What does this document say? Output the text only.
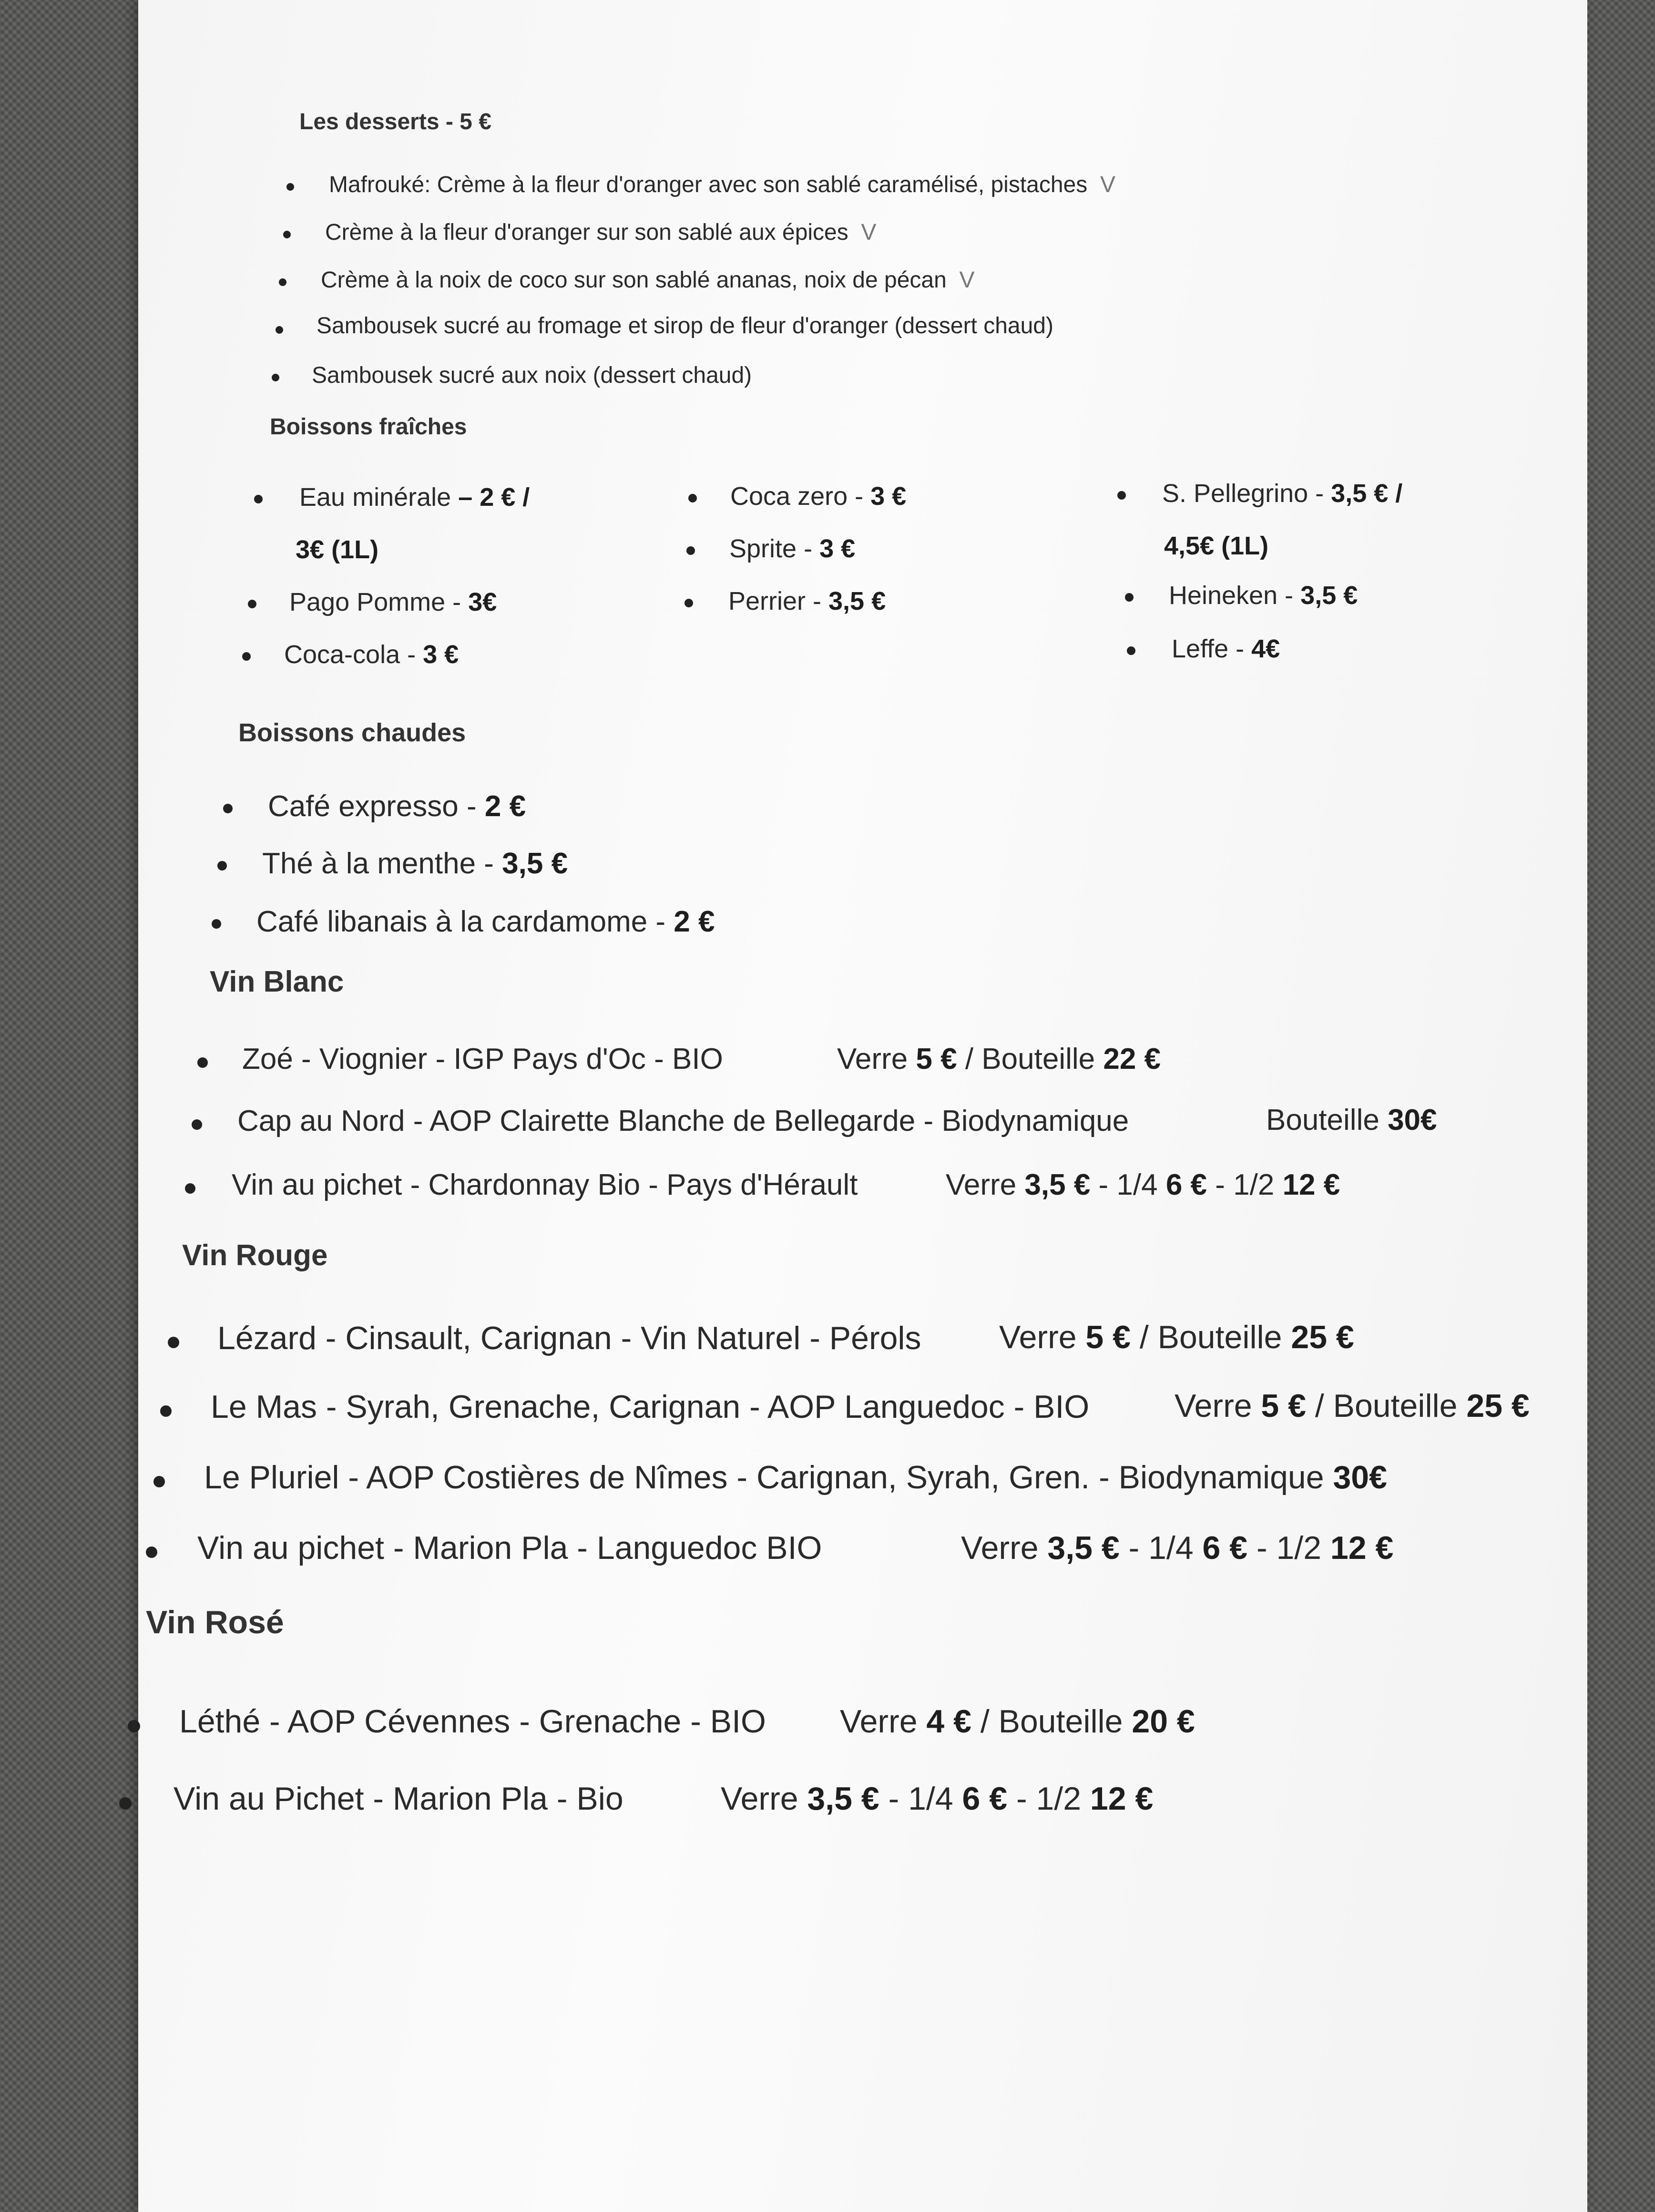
Les desserts - 5 €
Mafrouké: Crème à la fleur d'oranger avec son sablé caramélisé, pistaches V
Crème à la fleur d'oranger sur son sablé aux épices V
Crème à la noix de coco sur son sablé ananas, noix de pécan V
Sambousek sucré au fromage et sirop de fleur d'oranger (dessert chaud)
Sambousek sucré aux noix (dessert chaud)
Boissons fraîches
Eau minérale – 2 € /
3€ (1L)
Pago Pomme - 3€
Coca-cola - 3 €
Coca zero - 3 €
Sprite - 3 €
Perrier - 3,5 €
S. Pellegrino - 3,5 € /
4,5€ (1L)
Heineken - 3,5 €
Leffe - 4€
Boissons chaudes
Café expresso - 2 €
Thé à la menthe - 3,5 €
Café libanais à la cardamome - 2 €
Vin Blanc
Zoé - Viognier - IGP Pays d'Oc - BIO	Verre 5 € / Bouteille 22 €
Cap au Nord - AOP Clairette Blanche de Bellegarde - Biodynamique	Bouteille 30€
Vin au pichet - Chardonnay Bio - Pays d'Hérault	Verre 3,5 € - 1/4 6 € - 1/2 12 €
Vin Rouge
Lézard - Cinsault, Carignan - Vin Naturel - Pérols Verre 5 € / Bouteille 25 €
Le Mas - Syrah, Grenache, Carignan - AOP Languedoc - BIO	Verre 5 € / Bouteille 25 €
Le Pluriel - AOP Costières de Nîmes - Carignan, Syrah, Gren. - Biodynamique 30€
Vin au pichet - Marion Pla - Languedoc BIO	Verre 3,5 € - 1/4 6 € - 1/2 12 €
Vin Rosé
Léthé - AOP Cévennes - Grenache - BIO Verre 4 € / Bouteille 20 €
Vin au Pichet - Marion Pla - Bio	Verre 3,5 € - 1/4 6 € - 1/2 12 €
